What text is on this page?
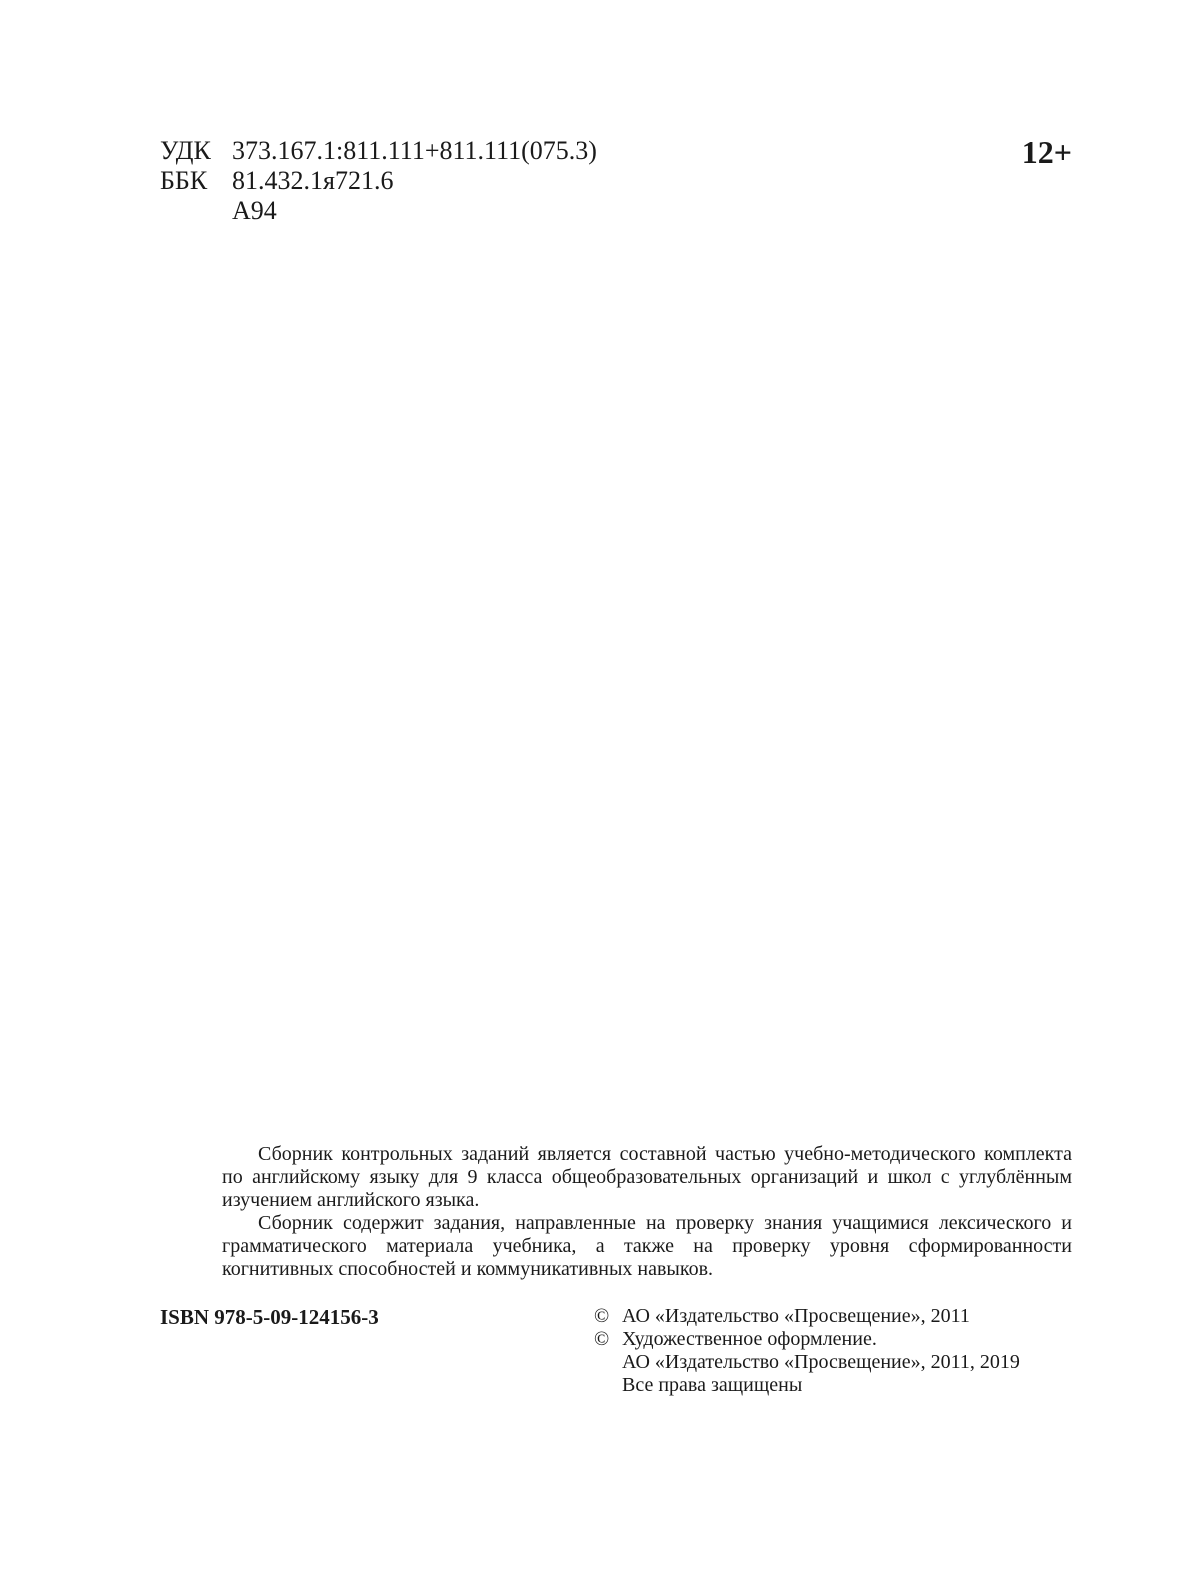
УДК 373.167.1:811.111+811.111(075.3)
ББК 81.432.1я721.6
А94
12+

Сборник контрольных заданий является составной частью учебно-методического комплекта по английскому языку для 9 класса общеобразовательных организаций и школ с углублённым изучением английского языка.

Сборник содержит задания, направленные на проверку знания учащимися лексического и грамматического материала учебника, а также на проверку уровня сформированности когнитивных способностей и коммуникативных навыков.

ISBN 978-5-09-124156-3	© АО «Издательство «Просвещение», 2011
© Художественное оформление.
АО «Издательство «Просвещение», 2011, 2019
Все права защищены
